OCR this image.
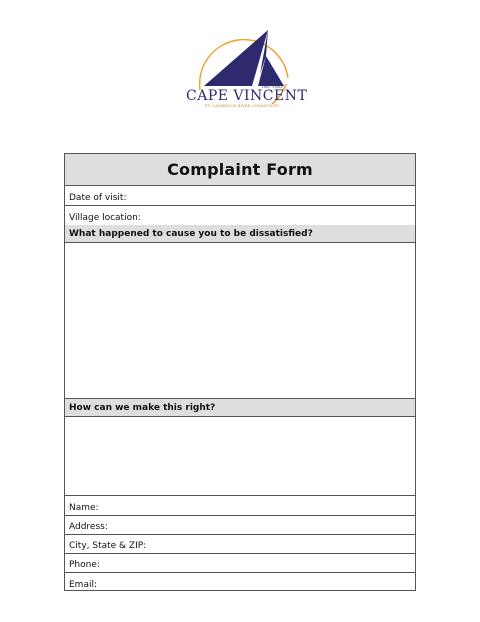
INC. 1853
CAPE VINCENT
ST. LAWRENCE RIVER COMMUNITY
Complaint Form
Date of visit:
Village location:
What happened to cause you to be dissatisfied?
How can we make this right?
Name:
Address:
City, State & ZIP:
Phone:
Email:
